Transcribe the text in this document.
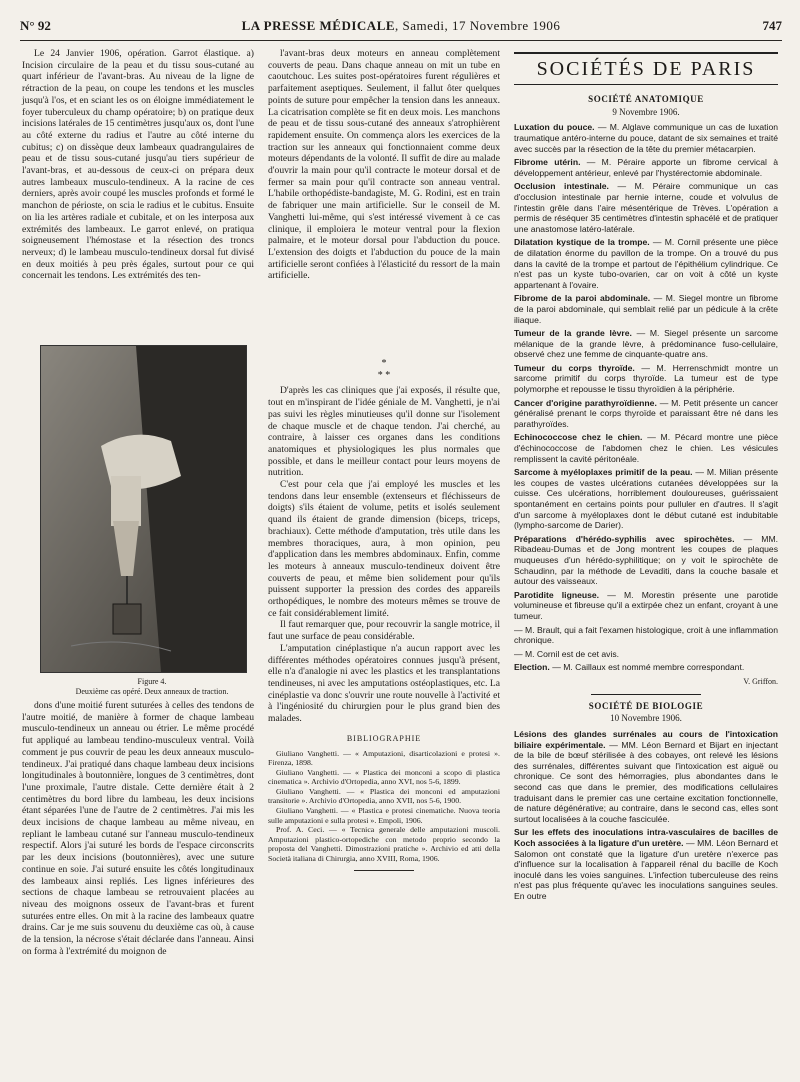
N° 92	LA PRESSE MÉDICALE, Samedi, 17 Novembre 1906	747

Le 24 Janvier 1906, opération. Garrot élastique. a) Incision circulaire de la peau et du tissu sous-cutané au quart inférieur de l'avant-bras. Au niveau de la ligne de rétraction de la peau, on coupe les tendons et les muscles jusqu'à l'os, et en sciant les os on éloigne immédiatement le foyer tuberculeux du champ opératoire; b) on pratique deux incisions latérales de 15 centimètres jusqu'aux os, dont l'une au côté externe du radius et l'autre au côté interne du cubitus; c) on dissèque deux lambeaux quadrangulaires de peau et de tissu sous-cutané jusqu'au tiers supérieur de l'avant-bras, et au-dessous de ceux-ci on prépara deux autres lambeaux musculo-tendineux. A la racine de ces derniers, après avoir coupé les muscles profonds et formé le manchon de périoste, on scia le radius et le cubitus. Ensuite on lia les artères radiale et cubitale, et on les interposa aux extrémités des lambeaux. Le garrot enlevé, on pratiqua soigneusement l'hémostase et la résection des troncs nerveux; d) le lambeau musculo-tendineux dorsal fut divisé en deux moitiés à peu près égales, surtout pour ce qui concernait les tendons. Les extrémités des ten-

Figure 4.
Deuxième cas opéré. Deux anneaux de traction.

dons d'une moitié furent suturées à celles des tendons de l'autre moitié, de manière à former de chaque lambeau musculo-tendineux un anneau ou étrier. Le même procédé fut appliqué au lambeau tendino-musculeux ventral. Voilà comment je pus couvrir de peau les deux anneaux musculo-tendineux. J'ai pratiqué dans chaque lambeau deux incisions longitudinales à boutonnière, longues de 3 centimètres, dont l'une proximale, l'autre distale. Cette dernière était à 2 centimètres du bord libre du lambeau, les deux incisions étant séparées l'une de l'autre de 2 centimètres. J'ai mis les deux incisions de chaque lambeau au même niveau, en repliant le lambeau cutané sur l'anneau musculo-tendineux respectif. Alors j'ai suturé les bords de l'espace circonscrits par les deux incisions (boutonnières), avec une suture continue en soie. J'ai suturé ensuite les côtés longitudinaux des lambeaux ainsi repliés. Les lignes inférieures des sections de chaque lambeau se retrouvaient placées au niveau des moignons osseux de l'avant-bras et furent suturées entre elles. On mit à la racine des lambeaux quatre drains. Car je me suis souvenu du deuxième cas où, à cause de la tension, la nécrose s'était déclarée dans l'anneau. Ainsi on forma à l'extrémité du moignon de

l'avant-bras deux moteurs en anneau complètement couverts de peau. Dans chaque anneau on mit un tube en caoutchouc. Les suites post-opératoires furent régulières et parfaitement aseptiques. Seulement, il fallut ôter quelques points de suture pour empêcher la tension dans les anneaux. La cicatrisation complète se fit en deux mois. Les manchons de peau et de tissu sous-cutané des anneaux s'atrophièrent rapidement ensuite. On commença alors les exercices de la traction sur les anneaux qui fonctionnaient comme deux moteurs dépendants de la volonté. Il suffit de dire au malade d'ouvrir la main pour qu'il contracte le moteur dorsal et de fermer sa main pour qu'il contracte son anneau ventral. L'habile orthopédiste-bandagiste, M. G. Rodini, est en train de fabriquer une main artificielle. Sur le conseil de M. Vanghetti lui-même, qui s'est intéressé vivement à ce cas clinique, il emploiera le moteur ventral pour la flexion palmaire, et le moteur dorsal pour l'abduction du pouce. L'extension des doigts et l'abduction du pouce de la main artificielle seront confiées à l'élasticité du ressort de la main artificielle.

*
* *

D'après les cas cliniques que j'ai exposés, il résulte que, tout en m'inspirant de l'idée géniale de M. Vanghetti, je n'ai pas suivi les règles minutieuses qu'il donne sur l'isolement de chaque muscle et de chaque tendon. J'ai cherché, au contraire, à laisser ces organes dans les conditions anatomiques et physiologiques les plus normales que possible, et dans le meilleur contact pour leurs moyens de nutrition.

C'est pour cela que j'ai employé les muscles et les tendons dans leur ensemble (extenseurs et fléchisseurs de doigts) s'ils étaient de volume, petits et isolés seulement quand ils étaient de grande dimension (biceps, triceps, brachiaux). Cette méthode d'amputation, très utile dans les membres thoraciques, aura, à mon opinion, peu d'application dans les membres abdominaux. Enfin, comme les moteurs à anneaux musculo-tendineux doivent être couverts de peau, et même bien solidement pour qu'ils puissent supporter la pression des cordes des appareils orthopédiques, le nombre des moteurs mêmes se trouve de ce fait considérablement limité.

Il faut remarquer que, pour recouvrir la sangle motrice, il faut une surface de peau considérable.

L'amputation cinéplastique n'a aucun rapport avec les différentes méthodes opératoires connues jusqu'à présent, elle n'a d'analogie ni avec les plastics et les transplantations tendineuses, ni avec les amputations ostéoplastiques, etc. La cinéplastie va donc s'ouvrir une route nouvelle à l'activité et à l'ingéniosité du chirurgien pour le plus grand bien des malades.

BIBLIOGRAPHIE

Giuliano Vanghetti. — « Amputazioni, disarticolazioni e protesi ». Firenza, 1898.

Giuliano Vanghetti. — « Plastica dei monconi a scopo di plastica cinematica ». Archivio d'Ortopedia, anno XVI, nos 5-6, 1899.

Giuliano Vanghetti. — « Plastica dei monconi ed amputazioni transitorie ». Archivio d'Ortopedia, anno XVII, nos 5-6, 1900.

Giuliano Vanghetti. — « Plastica e protesi cinematiche. Nuova teoria sulle amputazioni e sulla protesi ». Empoli, 1906.

Prof. A. Ceci. — « Tecnica generale delle amputazioni muscoli. Amputazioni plastico-ortopediche con metodo proprio secondo la proposta del Vanghetti. Dimostrazioni pratiche ». Archivio ed atti della Società italiana di Chirurgia, anno XVIII, Roma, 1906.

SOCIÉTÉS DE PARIS
SOCIÉTÉ ANATOMIQUE
9 Novembre 1906.

Luxation du pouce. — M. Alglave communique un cas de luxation traumatique antéro-interne du pouce, datant de six semaines et traité avec succès par la résection de la tête du premier métacarpien.

Fibrome utérin. — M. Péraire apporte un fibrome cervical à développement antérieur, enlevé par l'hystérectomie abdominale.

Occlusion intestinale. — M. Péraire communique un cas d'occlusion intestinale par hernie interne, coude et volvulus de l'intestin grêle dans l'aire mésentérique de Trèves. L'opération a permis de réséquer 35 centimètres d'intestin sphacélé et de pratiquer une anastomose latéro-latérale.

Dilatation kystique de la trompe. — M. Cornil présente une pièce de dilatation énorme du pavillon de la trompe. On a trouvé du pus dans la cavité de la trompe et partout de l'épithélium cylindrique. Ce n'est pas un kyste tubo-ovarien, car on voit à côté un kyste appartenant à l'ovaire.

Fibrome de la paroi abdominale. — M. Siegel montre un fibrome de la paroi abdominale, qui semblait relié par un pédicule à la crête iliaque.

Tumeur de la grande lèvre. — M. Siegel présente un sarcome mélanique de la grande lèvre, à prédominance fuso-cellulaire, observé chez une femme de cinquante-quatre ans.

Tumeur du corps thyroïde. — M. Herrenschmidt montre un sarcome primitif du corps thyroïde. La tumeur est de type polymorphe et repousse le tissu thyroïdien à la périphérie.

Cancer d'origine parathyroïdienne. — M. Petit présente un cancer généralisé prenant le corps thyroïde et paraissant être né dans les parathyroïdes.

Echinococcose chez le chien. — M. Pécard montre une pièce d'échinococcose de l'abdomen chez le chien. Les vésicules remplissent la cavité péritonéale.

Sarcome à myéloplaxes primitif de la peau. — M. Milian présente les coupes de vastes ulcérations cutanées développées sur la cuisse. Ces ulcérations, horriblement douloureuses, guérissaient spontanément en certains points pour pulluler en d'autres. Il s'agit d'un sarcome à myéloplaxes dont le début cutané est indubitable (lympho-sarcome de Darier).

Préparations d'hérédo-syphilis avec spirochètes. — MM. Ribadeau-Dumas et de Jong montrent les coupes de plaques muqueuses d'un hérédo-syphilitique; on y voit le spirochète de Schaudinn, par la méthode de Levaditi, dans la couche basale et autour des vaisseaux.

Parotidite ligneuse. — M. Morestin présente une parotide volumineuse et fibreuse qu'il a extirpée chez un enfant, croyant à une tumeur.

— M. Brault, qui a fait l'examen histologique, croit à une inflammation chronique.

— M. Cornil est de cet avis.

Election. — M. Caillaux est nommé membre correspondant.

V. Griffon.
SOCIÉTÉ DE BIOLOGIE
10 Novembre 1906.

Lésions des glandes surrénales au cours de l'intoxication biliaire expérimentale. — MM. Léon Bernard et Bijart en injectant de la bile de bœuf stérilisée à des cobayes, ont relevé les lésions des surrénales, différentes suivant que l'intoxication est aiguë ou chronique. Ce sont des hémorragies, plus abondantes dans le second cas que dans le premier, des modifications cellulaires traduisant dans le premier cas une certaine excitation fonctionnelle, de nature dégénérative; au contraire, dans le second cas, elles sont surtout localisées à la couche fasciculée.

Sur les effets des inoculations intra-vasculaires de bacilles de Koch associées à la ligature d'un uretère. — MM. Léon Bernard et Salomon ont constaté que la ligature d'un uretère n'exerce pas d'influence sur la localisation à l'appareil rénal du bacille de Koch inoculé dans les voies sanguines. L'infection tuberculeuse des reins n'est pas plus fréquente qu'avec les inoculations sanguines seules. En outre
